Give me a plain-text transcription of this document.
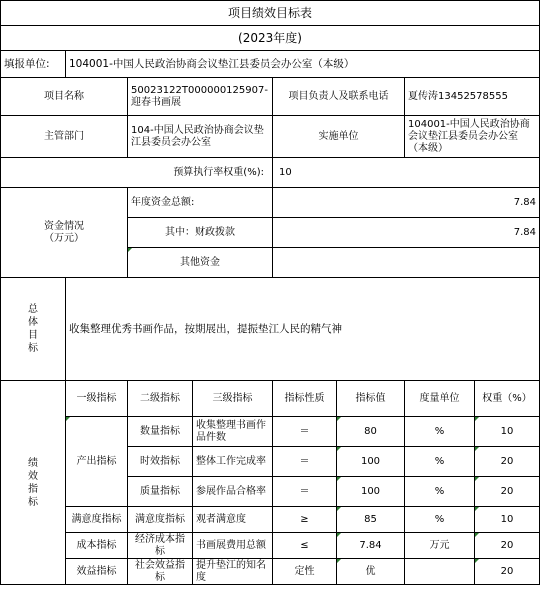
项目绩效目标表							
(2023年度)							
填报单位:	104001-中国人民政治协商会议垫江县委员会办公室（本级）						
项目名称		50023122T000000125907-迎春书画展		项目负责人及联系电话		夏传涛13452578555	
主管部门		104-中国人民政治协商会议垫江县委员会办公室		实施单位		104001-中国人民政治协商会议垫江县委员会办公室（本级）	
预算执行率权重(%):				10			

资金情况
（万元）		年度资金总额:		7.84			
		其中：财政拨款		7.84			
		其他资金					

总体目标	收集整理优秀书画作品，按期展出，提振垫江人民的精气神						

绩效指标	一级指标	二级指标	三级指标	指标性质	指标值	度量单位	权重（%）
	产出指标	数量指标	收集整理书画作品件数	＝	80	%	10
		时效指标	整体工作完成率	＝	100	%	20
		质量指标	参展作品合格率	＝	100	%	20
	满意度指标	满意度指标	观者满意度	≥	85	%	10
	成本指标	经济成本指标	书画展费用总额	≤	7.84	万元	20
	效益指标	社会效益指标	提升垫江的知名度	定性	优		20
